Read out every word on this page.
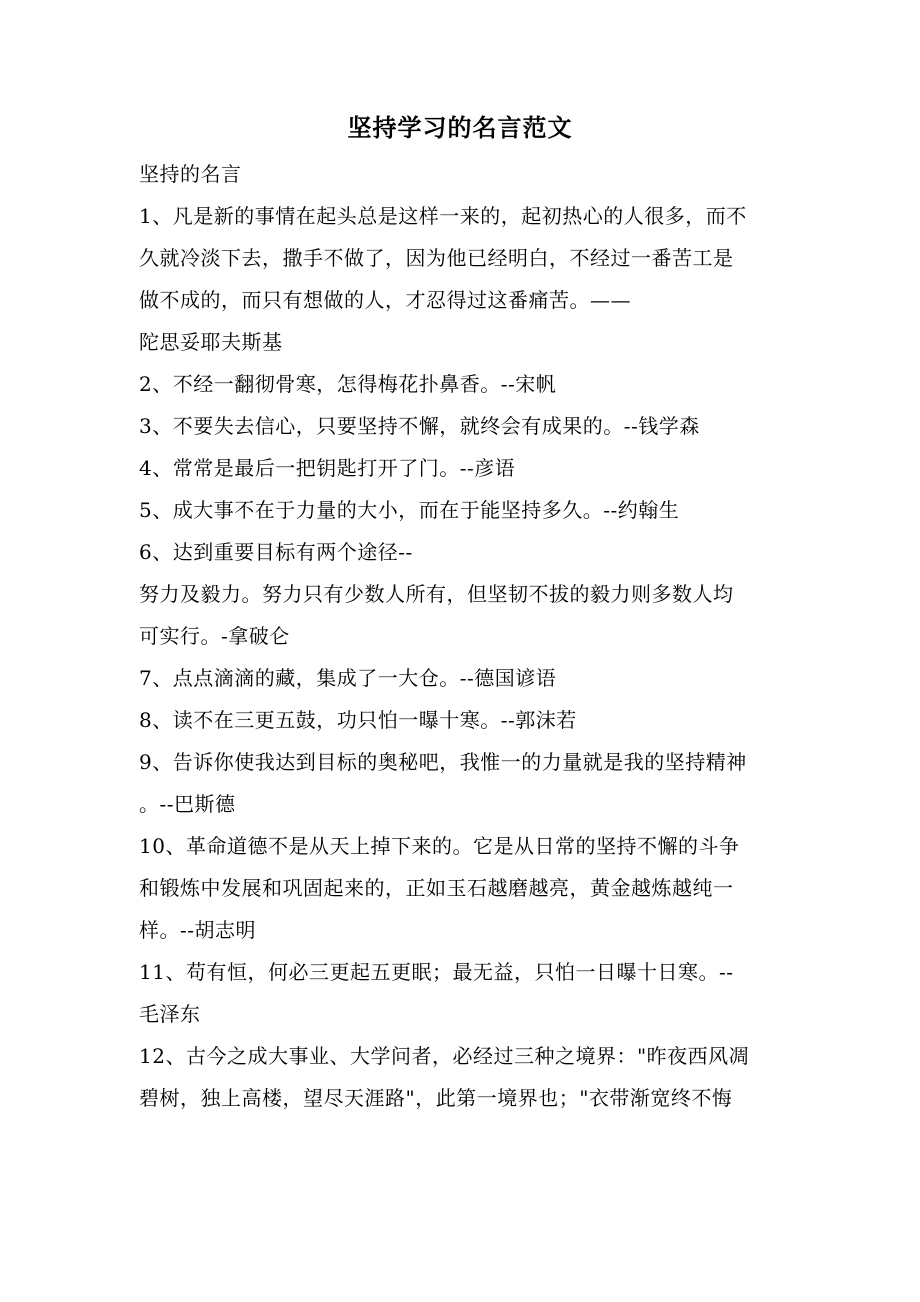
坚持学习的名言范文
坚持的名言
1、凡是新的事情在起头总是这样一来的，起初热心的人很多，而不
久就冷淡下去，撒手不做了，因为他已经明白，不经过一番苦工是
做不成的，而只有想做的人，才忍得过这番痛苦。——
陀思妥耶夫斯基
2、不经一翻彻骨寒，怎得梅花扑鼻香。--宋帆
3、不要失去信心，只要坚持不懈，就终会有成果的。--钱学森
4、常常是最后一把钥匙打开了门。--彦语
5、成大事不在于力量的大小，而在于能坚持多久。--约翰生
6、达到重要目标有两个途径--
努力及毅力。努力只有少数人所有，但坚韧不拔的毅力则多数人均
可实行。-拿破仑
7、点点滴滴的藏，集成了一大仓。--德国谚语
8、读不在三更五鼓，功只怕一曝十寒。--郭沫若
9、告诉你使我达到目标的奥秘吧，我惟一的力量就是我的坚持精神
。--巴斯德
10、革命道德不是从天上掉下来的。它是从日常的坚持不懈的斗争
和锻炼中发展和巩固起来的，正如玉石越磨越亮，黄金越炼越纯一
样。--胡志明
11、苟有恒，何必三更起五更眠；最无益，只怕一日曝十日寒。--
毛泽东
12、古今之成大事业、大学问者，必经过三种之境界："昨夜西风凋
碧树，独上高楼，望尽天涯路"，此第一境界也；"衣带渐宽终不悔
